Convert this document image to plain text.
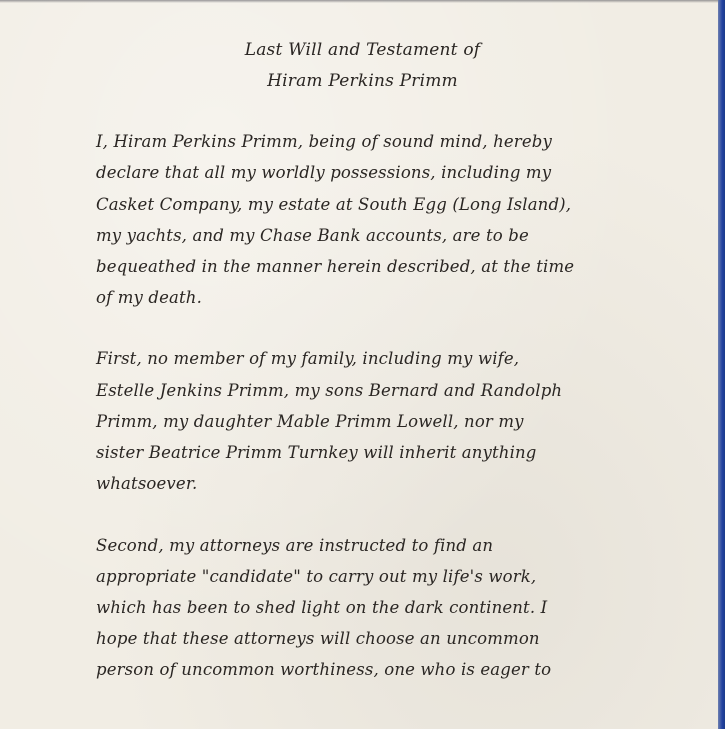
Last Will and Testament of
Hiram Perkins Primm
I, Hiram Perkins Primm, being of sound mind, hereby
declare that all my worldly possessions, including my
Casket Company, my estate at South Egg (Long Island),
my yachts, and my Chase Bank accounts, are to be
bequeathed in the manner herein described, at the time
of my death.
First, no member of my family, including my wife,
Estelle Jenkins Primm, my sons Bernard and Randolph
Primm, my daughter Mable Primm Lowell, nor my
sister Beatrice Primm Turnkey will inherit anything
whatsoever.
Second, my attorneys are instructed to find an
appropriate "candidate" to carry out my life's work,
which has been to shed light on the dark continent. I
hope that these attorneys will choose an uncommon
person of uncommon worthiness, one who is eager to
